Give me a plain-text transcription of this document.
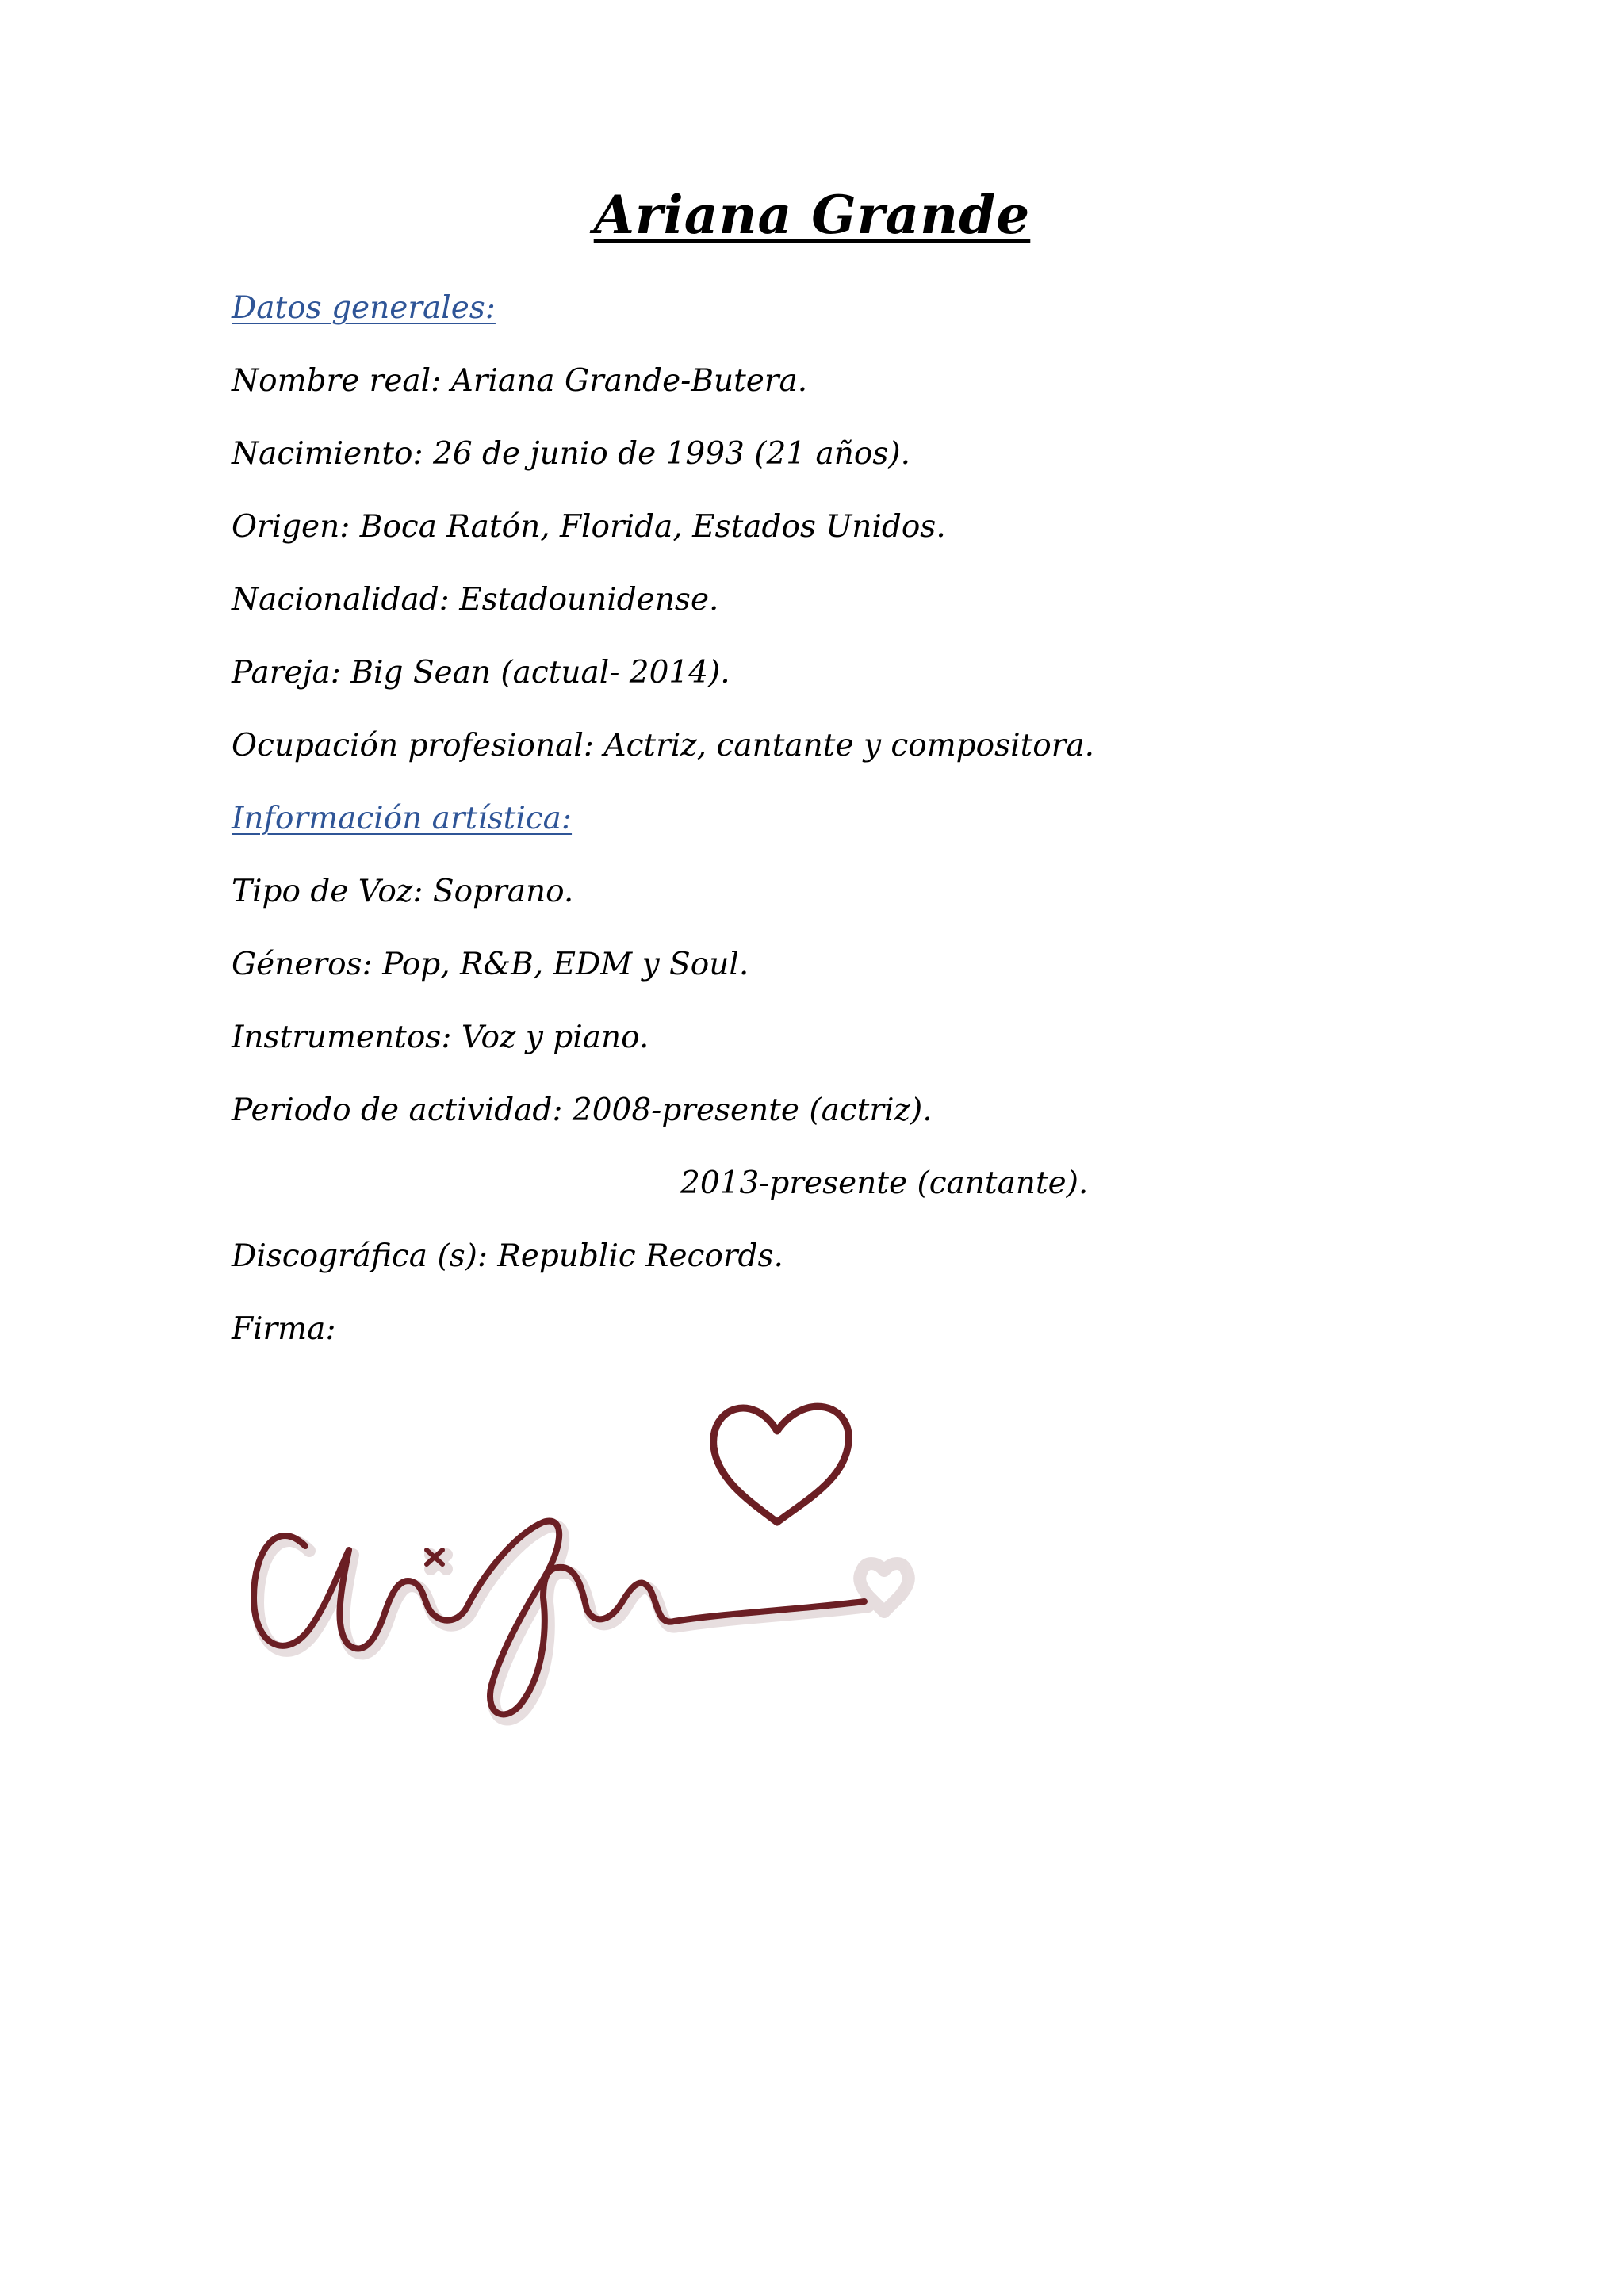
Ariana Grande
Datos generales:
Nombre real: Ariana Grande-Butera.
Nacimiento: 26 de junio de 1993 (21 años).
Origen: Boca Ratón, Florida, Estados Unidos.
Nacionalidad: Estadounidense.
Pareja: Big Sean (actual- 2014).
Ocupación profesional: Actriz, cantante y compositora.
Información artística:
Tipo de Voz: Soprano.
Géneros: Pop, R&B, EDM y Soul.
Instrumentos: Voz y piano.
Periodo de actividad: 2008-presente (actriz).
2013-presente (cantante).
Discográfica (s): Republic Records.
Firma:
